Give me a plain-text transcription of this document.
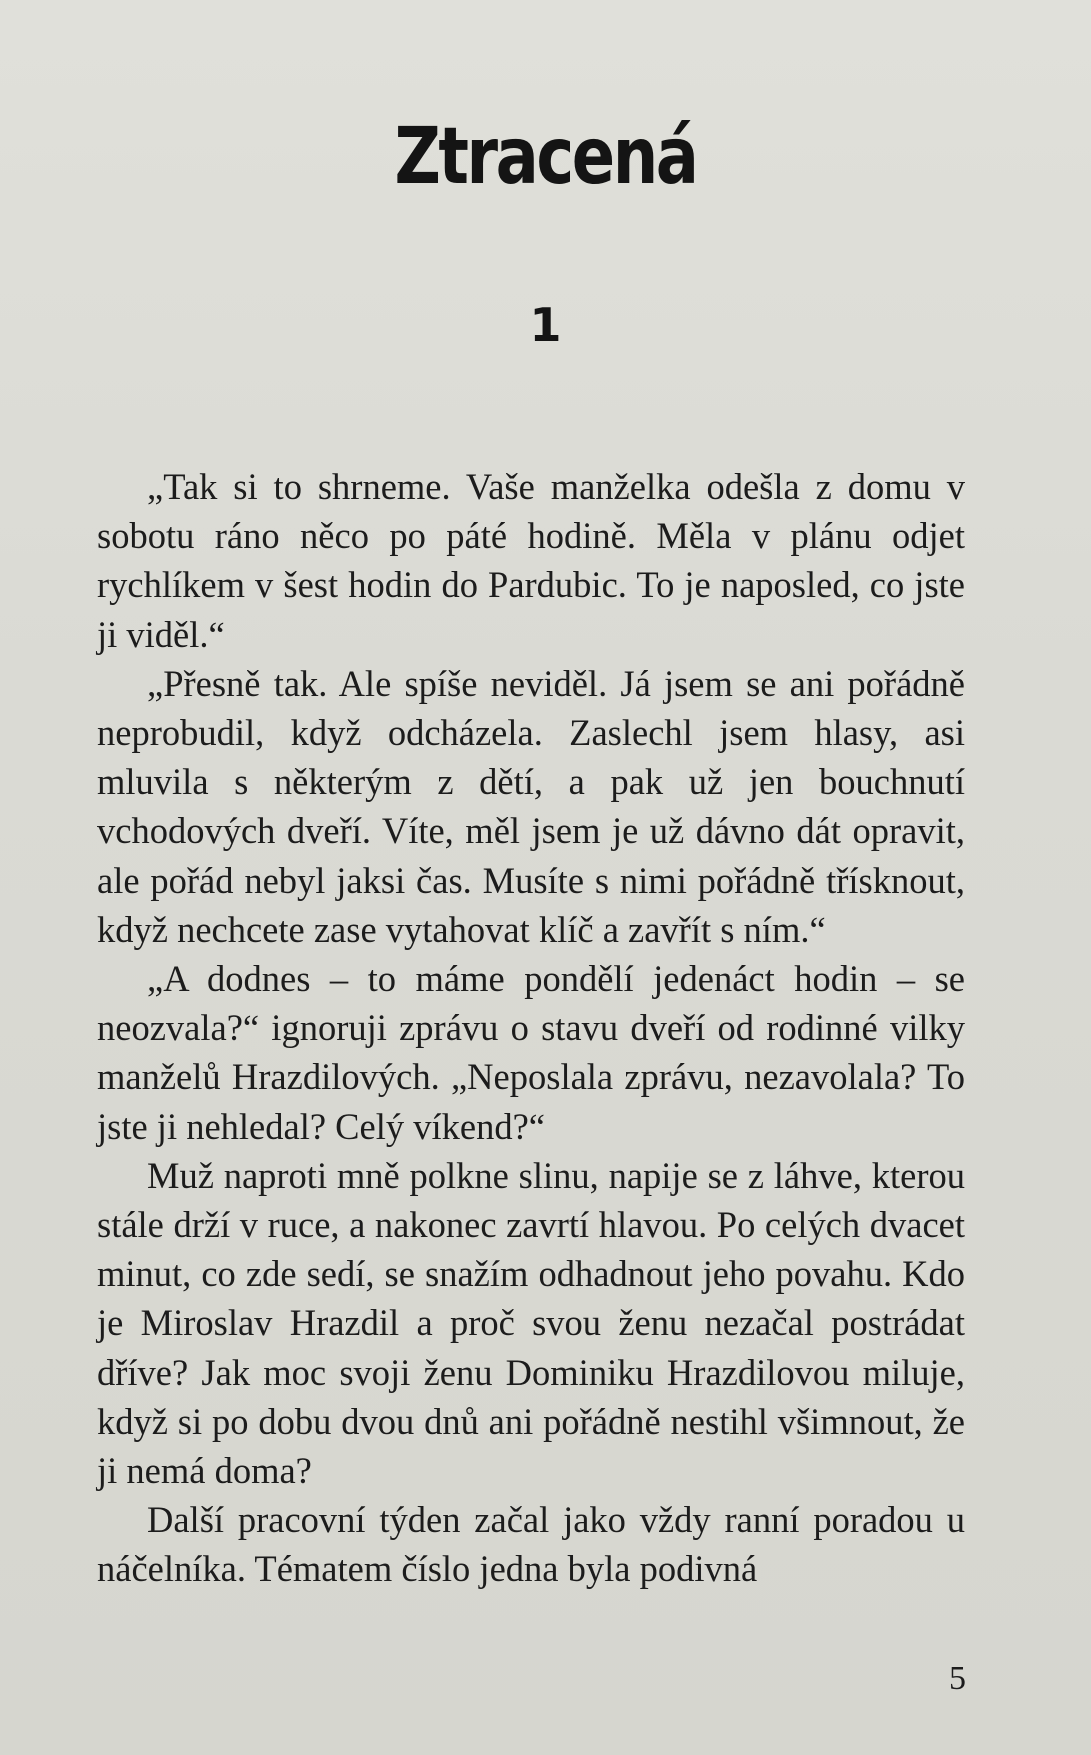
Ztracená
1

„Tak si to shrneme. Vaše manželka odešla z domu v sobotu ráno něco po páté hodině. Měla v plánu odjet rychlíkem v šest hodin do Pardubic. To je naposled, co jste ji viděl.“

„Přesně tak. Ale spíše neviděl. Já jsem se ani pořádně neprobudil, když odcházela. Zaslechl jsem hlasy, asi mluvila s některým z dětí, a pak už jen bouchnutí vchodových dveří. Víte, měl jsem je už dávno dát opravit, ale pořád nebyl jaksi čas. Musíte s nimi pořádně třísknout, když nechcete zase vytahovat klíč a zavřít s ním.“

„A dodnes – to máme pondělí jedenáct hodin – se neozvala?“ ignoruji zprávu o stavu dveří od rodinné vilky manželů Hrazdilových. „Neposlala zprávu, nezavolala? To jste ji nehledal? Celý víkend?“

Muž naproti mně polkne slinu, napije se z láhve, kterou stále drží v ruce, a nakonec zavrtí hlavou. Po celých dvacet minut, co zde sedí, se snažím odhadnout jeho povahu. Kdo je Miroslav Hrazdil a proč svou ženu nezačal postrádat dříve? Jak moc svoji ženu Dominiku Hrazdilovou miluje, když si po dobu dvou dnů ani pořádně nestihl všimnout, že ji nemá doma?

Další pracovní týden začal jako vždy ranní poradou u náčelníka. Tématem číslo jedna byla podivná

5
